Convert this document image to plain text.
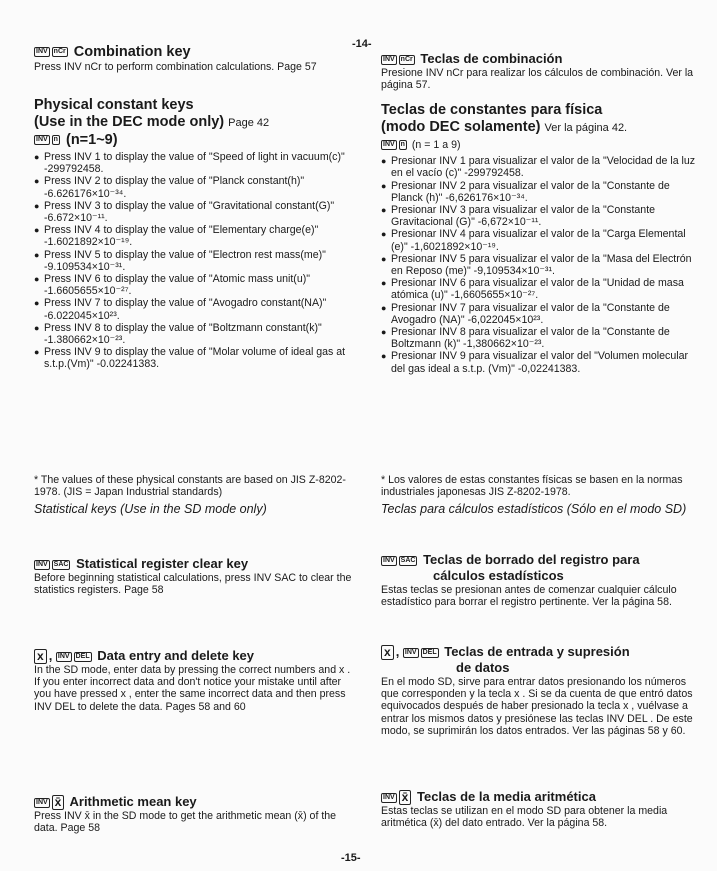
-14-
-15-

INV nCr Combination key

Press INV nCr to perform combination calculations. Page 57

Physical constant keys

(Use in the DEC mode only) Page 42

INV n (n=1~9)

● Press INV 1 to display the value of "Speed of light in vacuum(c)" -299792458.

● Press INV 2 to display the value of "Planck constant(h)" -6.626176×10⁻³⁴.

● Press INV 3 to display the value of "Gravitational constant(G)" -6.672×10⁻¹¹.

● Press INV 4 to display the value of "Elementary charge(e)" -1.6021892×10⁻¹⁹.

● Press INV 5 to display the value of "Electron rest mass(me)" -9.109534×10⁻³¹.

● Press INV 6 to display the value of "Atomic mass unit(u)" -1.6605655×10⁻²⁷.

● Press INV 7 to display the value of "Avogadro constant(NA)" -6.022045×10²³.

● Press INV 8 to display the value of "Boltzmann constant(k)" -1.380662×10⁻²³.

● Press INV 9 to display the value of "Molar volume of ideal gas at s.t.p.(Vm)" -0.02241383.

* The values of these physical constants are based on JIS Z-8202-1978. (JIS = Japan Industrial standards)

Statistical keys (Use in the SD mode only)

INV SAC Statistical register clear key

Before beginning statistical calculations, press INV SAC to clear the statistics registers. Page 58

x , INV DEL Data entry and delete key

In the SD mode, enter data by pressing the correct numbers and x . If you enter incorrect data and don't notice your mistake until after you have pressed x , enter the same incorrect data and then press INV DEL to delete the data. Pages 58 and 60

INV x̄ Arithmetic mean key

Press INV x̄ in the SD mode to get the arithmetic mean (x̄) of the data. Page 58

INV nCr Teclas de combinación

Presione INV nCr para realizar los cálculos de combinación. Ver la página 57.

Teclas de constantes para física

(modo DEC solamente) Ver la página 42.

INV n (n = 1 a 9)

● Presionar INV 1 para visualizar el valor de la "Velocidad de la luz en el vacío (c)" -299792458.

● Presionar INV 2 para visualizar el valor de la "Constante de Planck (h)" -6,626176×10⁻³⁴.

● Presionar INV 3 para visualizar el valor de la "Constante Gravitacional (G)" -6,672×10⁻¹¹.

● Presionar INV 4 para visualizar el valor de la "Carga Elemental (e)" -1,6021892×10⁻¹⁹.

● Presionar INV 5 para visualizar el valor de la "Masa del Electrón en Reposo (me)" -9,109534×10⁻³¹.

● Presionar INV 6 para visualizar el valor de la "Unidad de masa atómica (u)" -1,6605655×10⁻²⁷.

● Presionar INV 7 para visualizar el valor de la "Constante de Avogadro (NA)" -6,022045×10²³.

● Presionar INV 8 para visualizar el valor de la "Constante de Boltzmann (k)" -1,380662×10⁻²³.

● Presionar INV 9 para visualizar el valor del "Volumen molecular del gas ideal a s.t.p. (Vm)" -0,02241383.

* Los valores de estas constantes físicas se basen en la normas industriales japonesas JIS Z-8202-1978.

Teclas para cálculos estadísticos (Sólo en el modo SD)

INV SAC Teclas de borrado del registro para

cálculos estadísticos

Estas teclas se presionan antes de comenzar cualquier cálculo estadístico para borrar el registro pertinente. Ver la página 58.

x , INV DEL Teclas de entrada y supresión

de datos

En el modo SD, sirve para entrar datos presionando los números que corresponden y la tecla x . Si se da cuenta de que entró datos equivocados después de haber presionado la tecla x , vuélvase a entrar los mismos datos y presiónese las teclas INV DEL . De este modo, se suprimirán los datos entrados. Ver las páginas 58 y 60.

INV x̄ Teclas de la media aritmética

Estas teclas se utilizan en el modo SD para obtener la media aritmética (x̄) del dato entrado. Ver la página 58.
